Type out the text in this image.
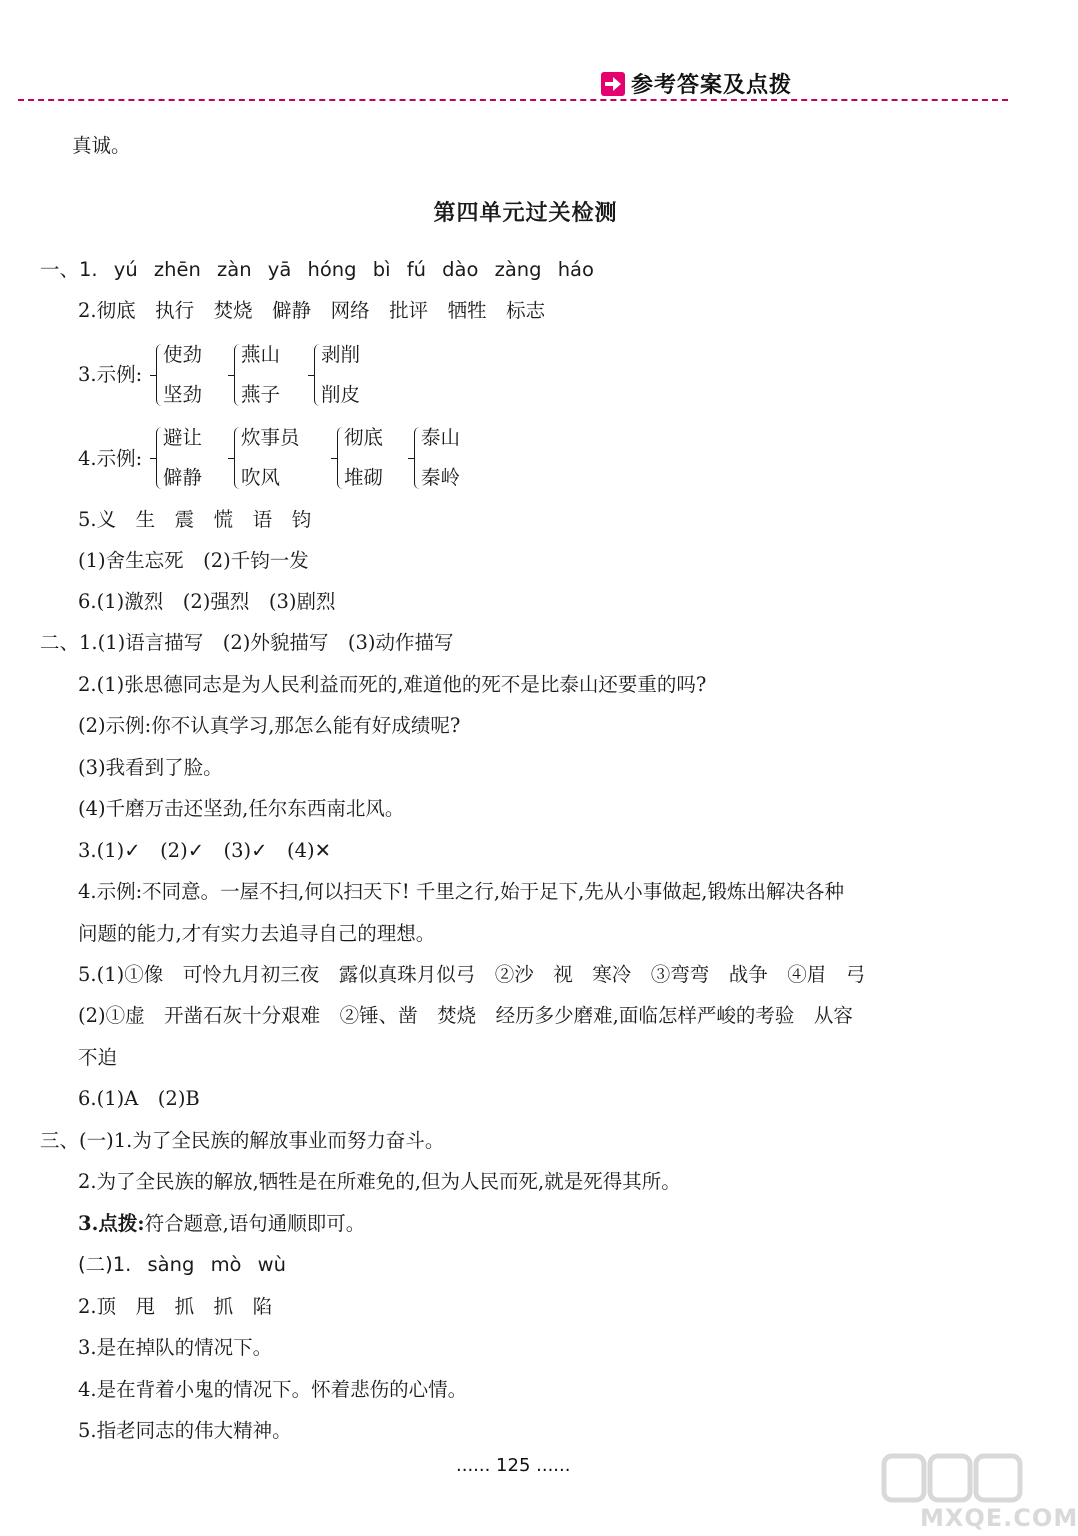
参考答案及点拨
真诚。
第四单元过关检测
一、1. yú zhēn zàn yā hóng bì fú dào zàng háo
2.彻底　执行　焚烧　僻静　网络　批评　牺牲　标志
3.示例:
使劲
坚劲
燕山
燕子
剥削
削皮
4.示例:
避让
僻静
炊事员
吹风
彻底
堆砌
泰山
秦岭
5.义　生　震　慌　语　钧
(1)舍生忘死　(2)千钧一发
6.(1)激烈　(2)强烈　(3)剧烈
二、1.(1)语言描写　(2)外貌描写　(3)动作描写
2.(1)张思德同志是为人民利益而死的,难道他的死不是比泰山还要重的吗?
(2)示例:你不认真学习,那怎么能有好成绩呢?
(3)我看到了脸。
(4)千磨万击还坚劲,任尔东西南北风。
3.(1)✓　(2)✓　(3)✓　(4)✕
4.示例:不同意。一屋不扫,何以扫天下! 千里之行,始于足下,先从小事做起,锻炼出解决各种
问题的能力,才有实力去追寻自己的理想。
5.(1)①像　可怜九月初三夜　露似真珠月似弓　②沙　视　寒冷　③弯弯　战争　④眉　弓
(2)①虚　开凿石灰十分艰难　②锤、凿　焚烧　经历多少磨难,面临怎样严峻的考验　从容
不迫
6.(1)A　(2)B
三、(一)1.为了全民族的解放事业而努力奋斗。
2.为了全民族的解放,牺牲是在所难免的,但为人民而死,就是死得其所。
3.点拨:符合题意,语句通顺即可。
(二)1. sàng mò wù
2.顶　甩　抓　抓　陷
3.是在掉队的情况下。
4.是在背着小鬼的情况下。怀着悲伤的心情。
5.指老同志的伟大精神。
...... 125 ......
MXQE.COM
